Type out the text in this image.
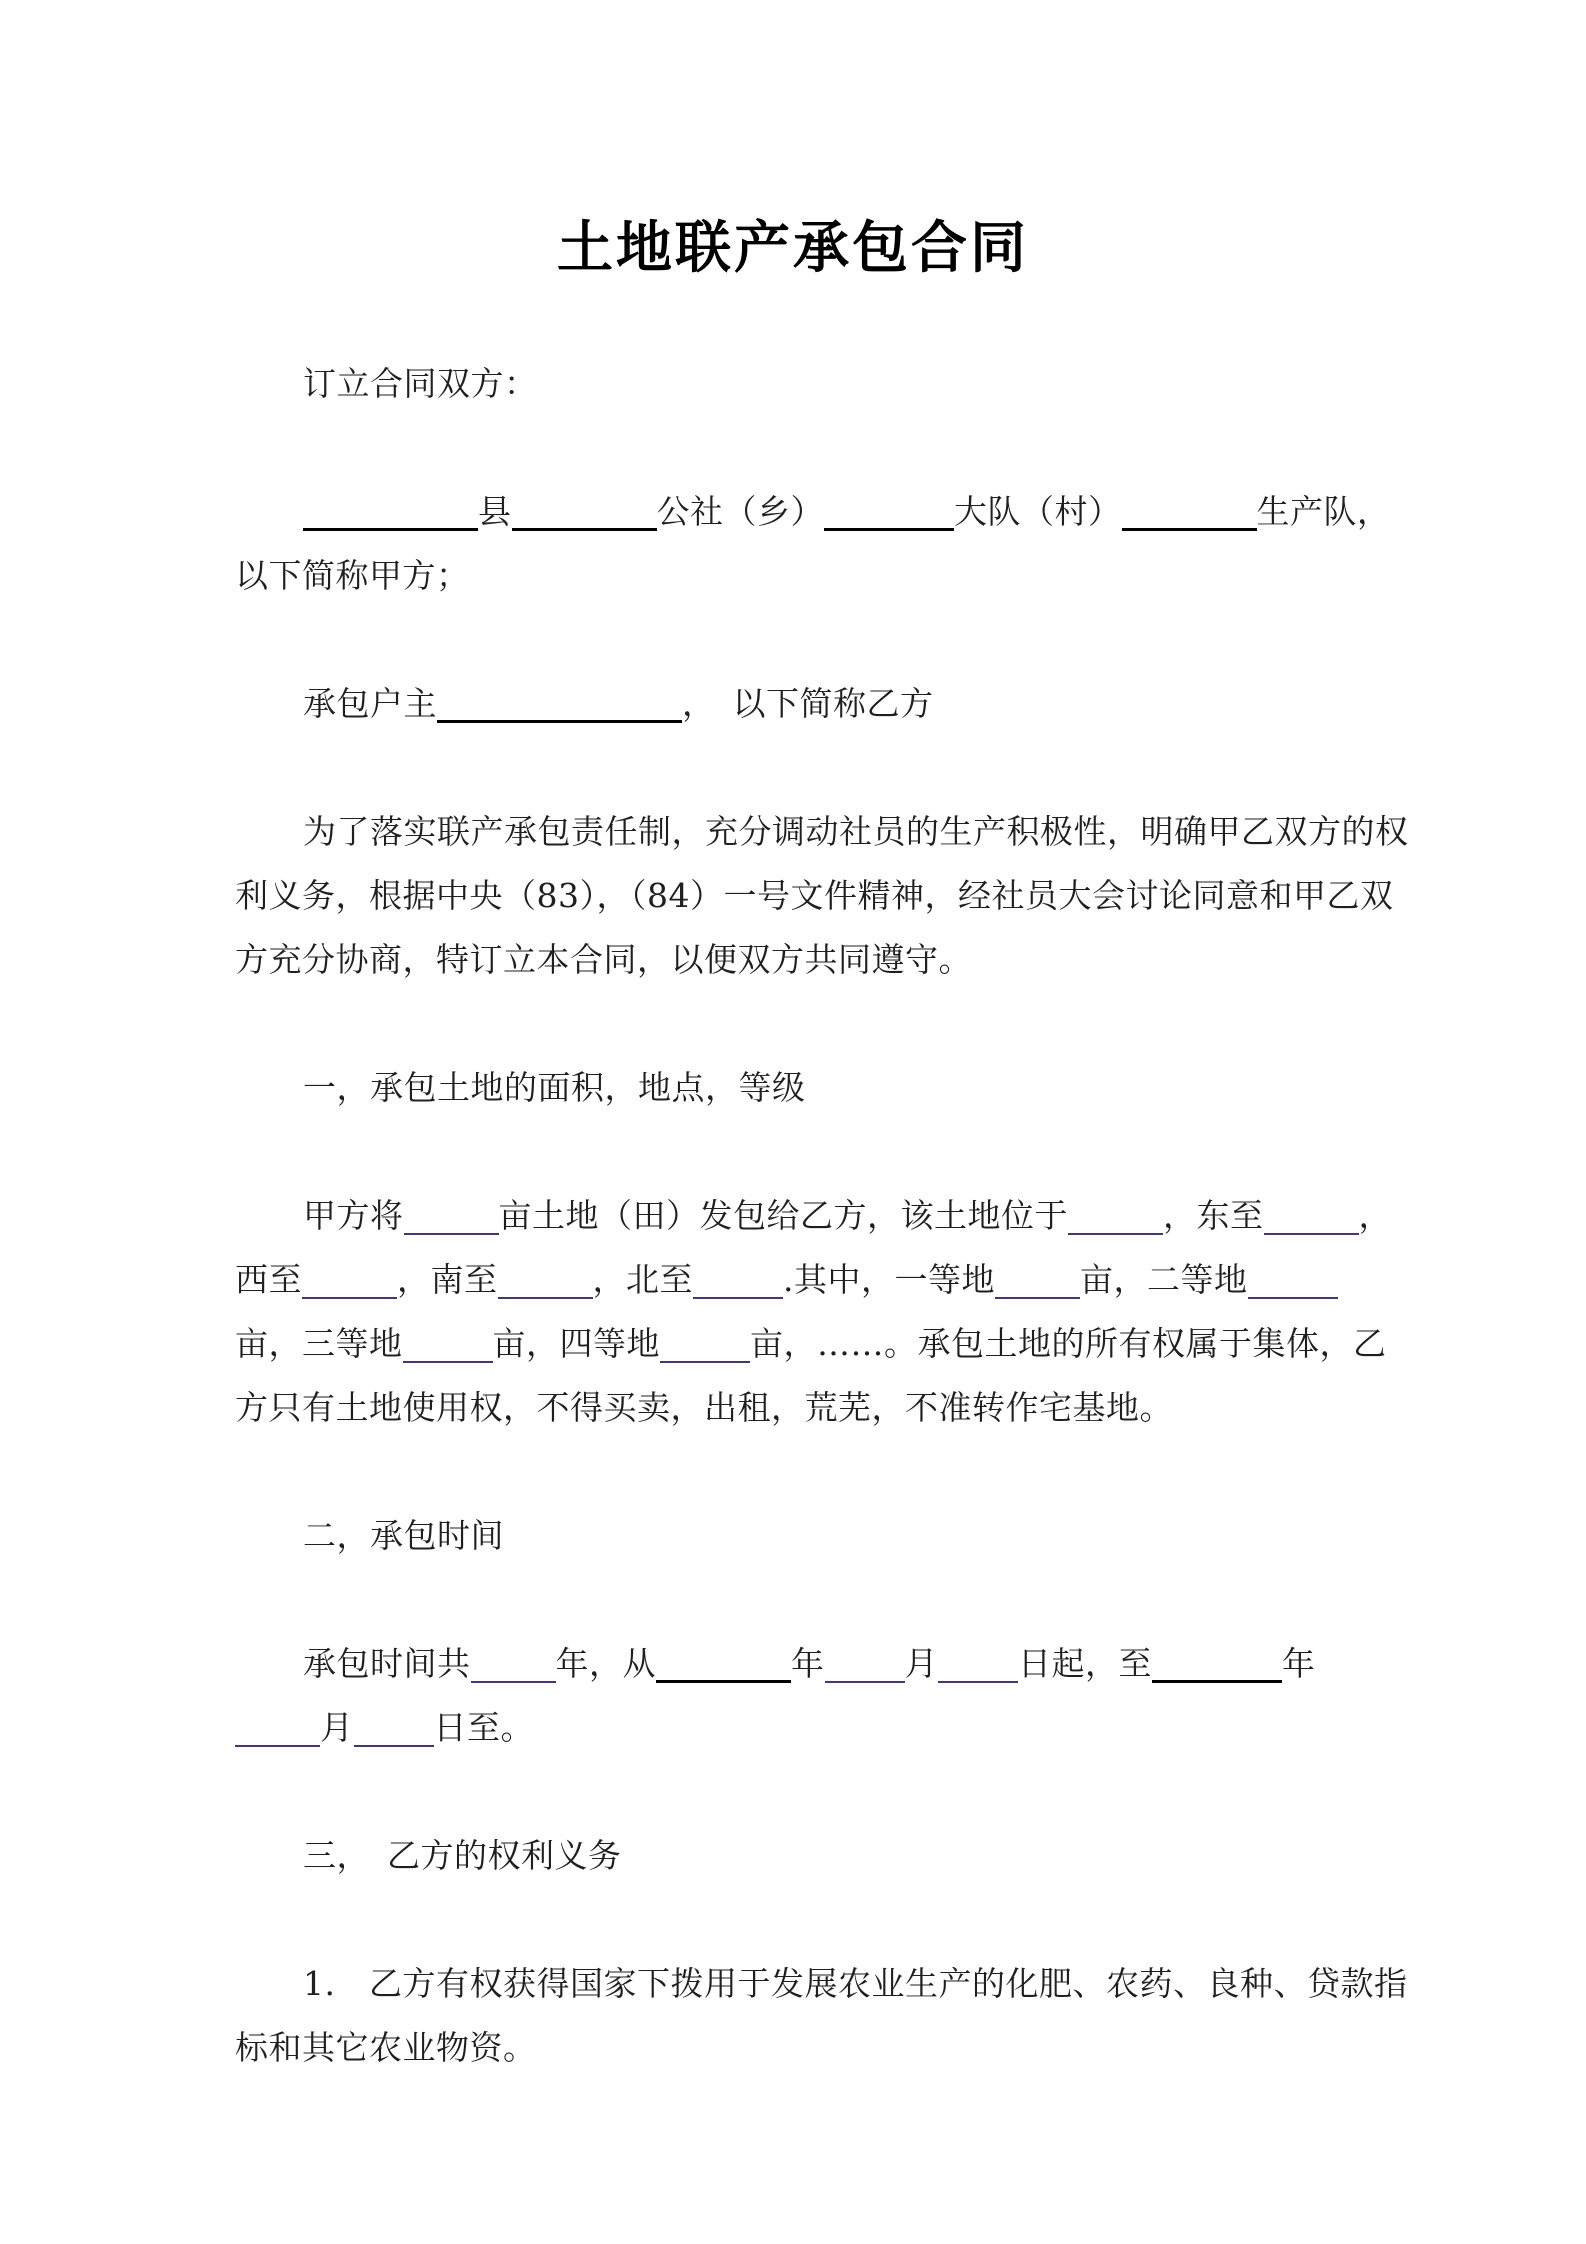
土地联产承包合同
订立合同双方：
县	公社（乡）	大队（村）	生产队，
以下简称甲方；
承包户主	，　以下简称乙方
为了落实联产承包责任制，充分调动社员的生产积极性，明确甲乙双方的权
利义务，根据中央（83），（84）一号文件精神，经社员大会讨论同意和甲乙双
方充分协商，特订立本合同，以便双方共同遵守。
一，承包土地的面积，地点，等级
甲方将	亩土地（田）发包给乙方，该土地位于	，东至	，
西至	，南至	，北至	.其中，一等地	亩，二等地
亩，三等地	亩，四等地	亩，……。承包土地的所有权属于集体，乙
方只有土地使用权，不得买卖，出租，荒芜，不准转作宅基地。
二，承包时间
承包时间共	年，从	年 月 日起，至	年
月 日至。
三，　乙方的权利义务
1.　乙方有权获得国家下拨用于发展农业生产的化肥、农药、良种、贷款指
标和其它农业物资。
